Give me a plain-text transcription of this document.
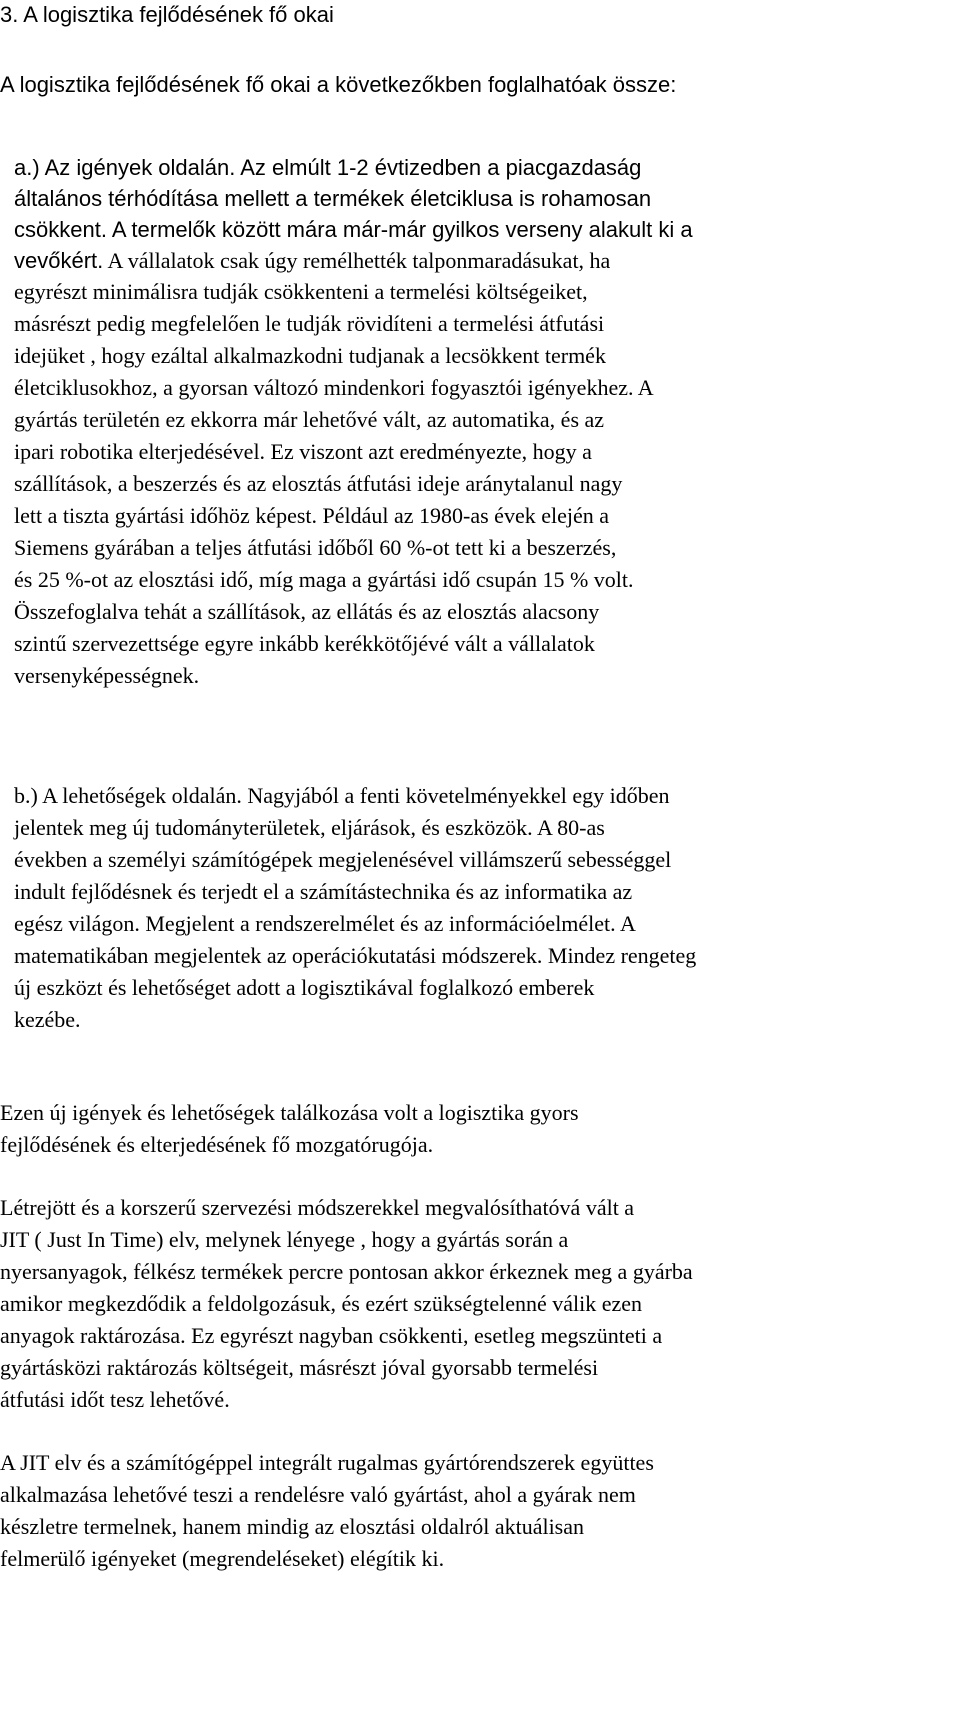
3. A logisztika fejlődésének fő okai
A logisztika fejlődésének fő okai a következőkben foglalhatóak össze:
a.) Az igények oldalán. Az elmúlt 1-2 évtizedben a piacgazdaság
általános térhódítása mellett a termékek életciklusa is rohamosan
csökkent. A termelők között mára már-már gyilkos verseny alakult ki a
vevőkért. A vállalatok csak úgy remélhették talponmaradásukat, ha
egyrészt minimálisra tudják csökkenteni a termelési költségeiket,
másrészt pedig megfelelően le tudják rövidíteni a termelési átfutási
idejüket , hogy ezáltal alkalmazkodni tudjanak a lecsökkent termék
életciklusokhoz, a gyorsan változó mindenkori fogyasztói igényekhez. A
gyártás területén ez ekkorra már lehetővé vált, az automatika, és az
ipari robotika elterjedésével. Ez viszont azt eredményezte, hogy a
szállítások, a beszerzés és az elosztás átfutási ideje aránytalanul nagy
lett a tiszta gyártási időhöz képest. Például az 1980-as évek elején a
Siemens gyárában a teljes átfutási időből 60 %-ot tett ki a beszerzés,
és 25 %-ot az elosztási idő, míg maga a gyártási idő csupán 15 % volt.
Összefoglalva tehát a szállítások, az ellátás és az elosztás alacsony
szintű szervezettsége egyre inkább kerékkötőjévé vált a vállalatok
versenyképességnek.
b.) A lehetőségek oldalán. Nagyjából a fenti követelményekkel egy időben
jelentek meg új tudományterületek, eljárások, és eszközök. A 80-as
években a személyi számítógépek megjelenésével villámszerű sebességgel
indult fejlődésnek és terjedt el a számítástechnika és az informatika az
egész világon. Megjelent a rendszerelmélet és az információelmélet. A
matematikában megjelentek az operációkutatási módszerek. Mindez rengeteg
új eszközt és lehetőséget adott a logisztikával foglalkozó emberek
kezébe.
Ezen új igények és lehetőségek találkozása volt a logisztika gyors
fejlődésének és elterjedésének fő mozgatórugója.
Létrejött és a korszerű szervezési módszerekkel megvalósíthatóvá vált a
JIT ( Just In Time) elv, melynek lényege , hogy a gyártás során a
nyersanyagok, félkész termékek percre pontosan akkor érkeznek meg a gyárba
amikor megkezdődik a feldolgozásuk, és ezért szükségtelenné válik ezen
anyagok raktározása. Ez egyrészt nagyban csökkenti, esetleg megszünteti a
gyártásközi raktározás költségeit, másrészt jóval gyorsabb termelési
átfutási időt tesz lehetővé.
A JIT elv és a számítógéppel integrált rugalmas gyártórendszerek együttes
alkalmazása lehetővé teszi a rendelésre való gyártást, ahol a gyárak nem
készletre termelnek, hanem mindig az elosztási oldalról aktuálisan
felmerülő igényeket (megrendeléseket) elégítik ki.
